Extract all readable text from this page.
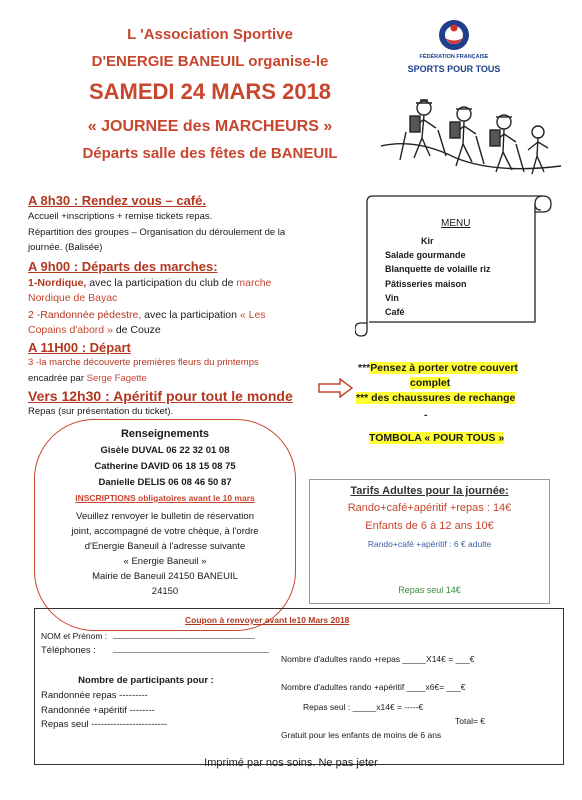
L 'Association Sportive
D'ENERGIE BANEUIL organise-le
SAMEDI 24 MARS 2018
« JOURNEE des MARCHEURS »
Départs salle des fêtes de BANEUIL
FÉDÉRATION FRANÇAISE
SPORTS POUR TOUS
A 8h30 : Rendez vous – café.
Accueil +inscriptions + remise tickets repas.
Répartition des groupes – Organisation du déroulement de la
journée. (Balisée)
A 9h00 : Départs des marches:
1-Nordique, avec la participation du club de marche
Nordique de Bayac
2 -Randonnée pédestre, avec la participation « Les
Copains d'abord » de Couze
A 11H00 : Départ
3 -la marche découverte premières fleurs du printemps
encadrée par Serge Fagette
Vers 12h30 : Apéritif pour tout le monde
Repas (sur présentation du ticket).
MENU
Kir
Salade gourmande
Blanquette de volaille riz
Pâtisseries maison
Vin
Café
***Pensez à porter votre couvert
complet
*** des chaussures de rechange
-
TOMBOLA « POUR TOUS »
Renseignements
Gisèle DUVAL 06 22 32 01 08
Catherine DAVID 06 18 15 08 75
Danielle DELIS 06 08 46 50 87
INSCRIPTIONS obligatoires avant le 10 mars
Veuillez renvoyer le bulletin de réservation
joint, accompagné de votre chèque, à l'ordre
d'Energie Baneuil à l'adresse suivante
« Energie Baneuil »
Mairie de Baneuil 24150 BANEUIL
24150
Tarifs Adultes pour la journée:
Rando+café+apéritif +repas : 14€
Enfants de 6 à 12 ans 10€
Rando+café +apéritif : 6 € adulte
Repas seul 14€
Coupon à renvoyer avant le10 Mars 2018
NOM et Prénom : ______________________________
Téléphones : _________________________________
Nombre d'adultes rando +repas _____X14€ = ___€
Nombre de participants pour :
Randonnée repas ---------
Randonnée +apéritif --------
Repas seul ------------------------
Nombre d'adultes rando +apéritif ____x6€= ___€
Repas seul : _____x14€ = -----€
Total= €
Gratuit pour les enfants de moins de 6 ans
Imprimé par nos soins. Ne pas jeter
